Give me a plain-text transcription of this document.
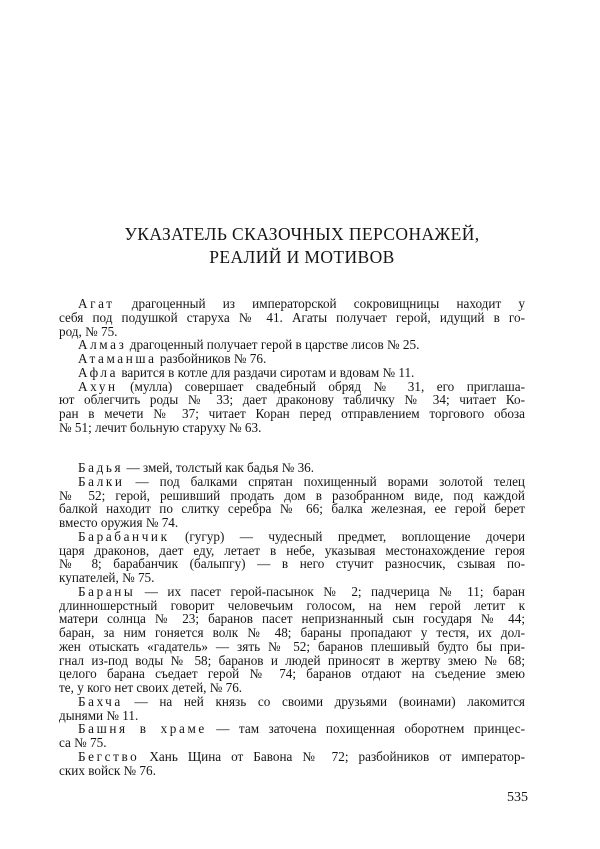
УКАЗАТЕЛЬ СКАЗОЧНЫХ ПЕРСОНАЖЕЙ,
РЕАЛИЙ И МОТИВОВ
Агат драгоценный из императорской сокровищницы находит у
себя под подушкой старуха № 41. Агаты получает герой, идущий в го-
род, № 75.
Алмаз драгоценный получает герой в царстве лисов № 25.
Атаманша разбойников № 76.
Афла варится в котле для раздачи сиротам и вдовам № 11.
Ахун (мулла) совершает свадебный обряд № 31, его приглаша-
ют облегчить роды № 33; дает драконову табличку № 34; читает Ко-
ран в мечети № 37; читает Коран перед отправлением торгового обоза
№ 51; лечит больную старуху № 63.
Бадья — змей, толстый как бадья № 36.
Балки — под балками спрятан похищенный ворами золотой телец
№ 52; герой, решивший продать дом в разобранном виде, под каждой
балкой находит по слитку серебра № 66; балка железная, ее герой берет
вместо оружия № 74.
Барабанчик (гугур) — чудесный предмет, воплощение дочери
царя драконов, дает еду, летает в небе, указывая местонахождение героя
№ 8; барабанчик (балыпгу) — в него стучит разносчик, сзывая по-
купателей, № 75.
Бараны — их пасет герой-пасынок № 2; падчерица № 11; баран
длинношерстный говорит человечьим голосом, на нем герой летит к
матери солнца № 23; баранов пасет непризнанный сын государя № 44;
баран, за ним гоняется волк № 48; бараны пропадают у тестя, их дол-
жен отыскать «гадатель» — зять № 52; баранов плешивый будто бы при-
гнал из-под воды № 58; баранов и людей приносят в жертву змею № 68;
целого барана съедает герой № 74; баранов отдают на съедение змею
те, у кого нет своих детей, № 76.
Бахча — на ней князь со своими друзьями (воинами) лакомится
дынями № 11.
Башня в храме — там заточена похищенная оборотнем принцес-
са № 75.
Бегство Хань Щина от Бавона № 72; разбойников от император-
ских войск № 76.
535
